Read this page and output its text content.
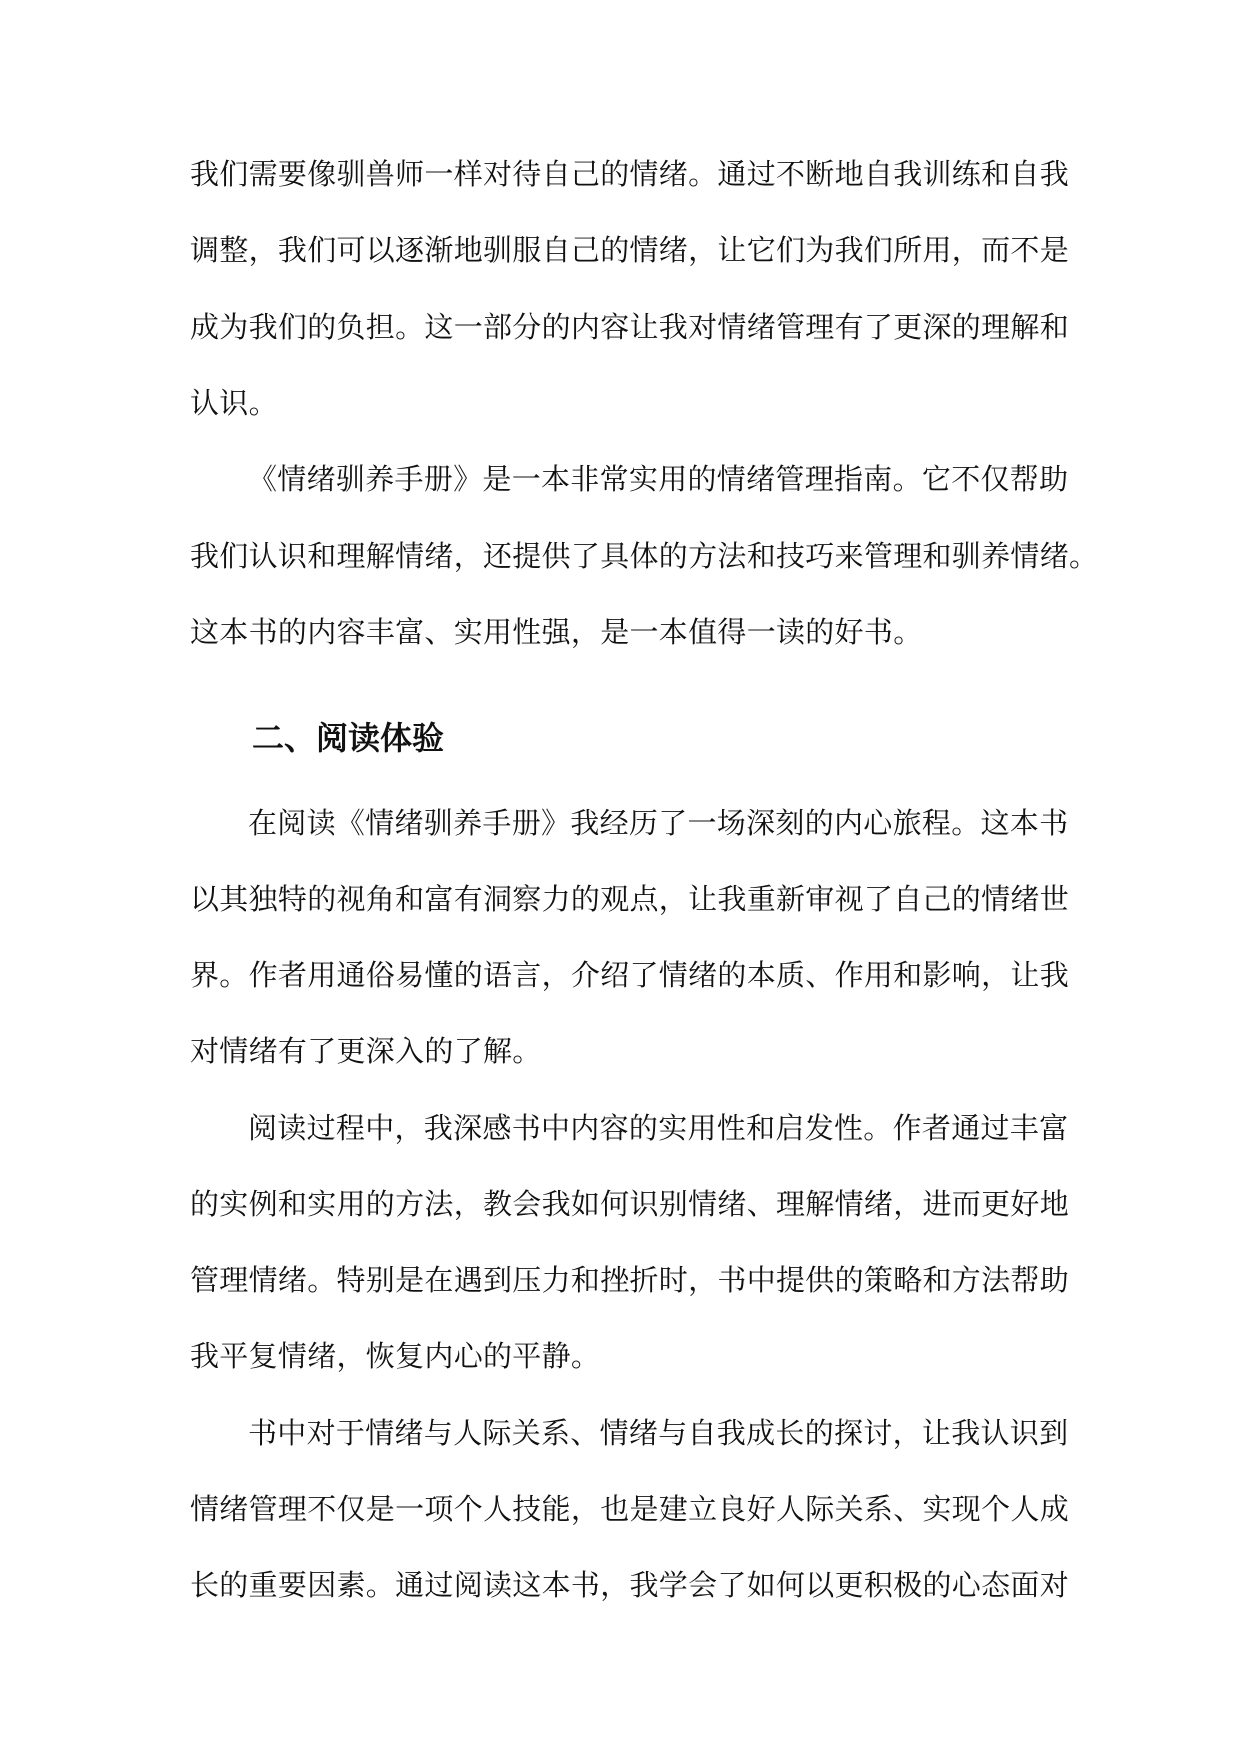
我们需要像驯兽师一样对待自己的情绪。通过不断地自我训练和自我
调整，我们可以逐渐地驯服自己的情绪，让它们为我们所用，而不是
成为我们的负担。这一部分的内容让我对情绪管理有了更深的理解和
认识。
《情绪驯养手册》是一本非常实用的情绪管理指南。它不仅帮助
我们认识和理解情绪，还提供了具体的方法和技巧来管理和驯养情绪。
这本书的内容丰富、实用性强，是一本值得一读的好书。
二、阅读体验
在阅读《情绪驯养手册》我经历了一场深刻的内心旅程。这本书
以其独特的视角和富有洞察力的观点，让我重新审视了自己的情绪世
界。作者用通俗易懂的语言，介绍了情绪的本质、作用和影响，让我
对情绪有了更深入的了解。
阅读过程中，我深感书中内容的实用性和启发性。作者通过丰富
的实例和实用的方法，教会我如何识别情绪、理解情绪，进而更好地
管理情绪。特别是在遇到压力和挫折时，书中提供的策略和方法帮助
我平复情绪，恢复内心的平静。
书中对于情绪与人际关系、情绪与自我成长的探讨，让我认识到
情绪管理不仅是一项个人技能，也是建立良好人际关系、实现个人成
长的重要因素。通过阅读这本书，我学会了如何以更积极的心态面对
